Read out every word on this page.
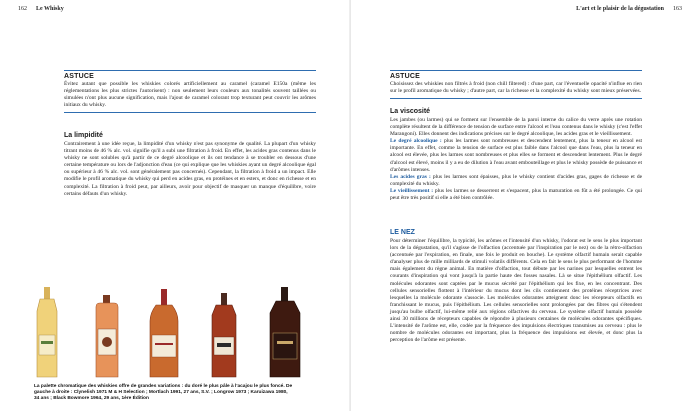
162 Le Whisky
ASTUCE

Évitez autant que possible les whiskies colorés artificiellement au caramel (caramel E150a (même les réglementations les plus strictes l'autorisent) : non seulement leurs couleurs aux tonalités souvent taillées ou simulées n'ont plus aucune signification, mais l'ajout de caramel colorant trop texturant peut couvrir les arômes initiaux du whisky.

La limpidité

Contrairement à une idée reçue, la limpidité d'un whisky n'est pas synonyme de qualité. La plupart d'un whisky titrant moins de 46 % alc. vol. signifie qu'il a subi une filtration à froid. En effet, les acides gras contenus dans le whisky ne sont solubles qu'à partir de ce degré alcoolique et ils ont tendance à se troubler en dessous d'une certaine température ou lors de l'adjonction d'eau (ce qui explique que les whiskies ayant un degré alcoolique égal ou supérieur à 46 % alc. vol. sont généralement pas concernés). Cependant, la filtration à froid a un impact. Elle modifie le profil aromatique du whisky qui perd en acides gras, en protéines et en esters, et donc en richesse et en complexité. La filtration à froid peut, par ailleurs, avoir pour objectif de masquer un manque d'équilibre, voire certains défauts d'un whisky.

La palette chromatique des whiskies offre de grandes variations : du doré le plus pâle à l'acajou le plus foncé. De gauche à droite : Clynelish 1971 M & H Selection ; Mortlach 1991, 27 ans, S.V. ; Longrow 1973 ; Karuizawa 1980, 34 ans ; Black Bowmore 1964, 29 ans, 1ère Édition
L'art et le plaisir de la dégustation 163
ASTUCE

Choisissez des whiskies non filtrés à froid (non chill filtered) : d'une part, car l'éventuelle opacité n'influe en rien sur le profil aromatique du whisky ; d'autre part, car la richesse et la complexité du whisky sont mieux préservées.

La viscosité

Les jambes (ou larmes) qui se forment sur l'ensemble de la paroi interne du calice du verre après une rotation complète résultent de la différence de tension de surface entre l'alcool et l'eau contenus dans le whisky (c'est l'effet Marangoni). Elles donnent des indications précises sur le degré alcoolique, les acides gras et le vieillissement.

Le degré alcoolique : plus les larmes sont nombreuses et descendent lentement, plus la teneur en alcool est importante. En effet, comme la tension de surface est plus faible dans l'alcool que dans l'eau, plus la teneur en alcool est élevée, plus les larmes sont nombreuses et plus elles se forment et descendent lentement. Plus le degré d'alcool est élevé, moins il y a eu de dilution à l'eau avant embouteillage et plus le whisky possède de puissance et d'arômes intenses.

Les acides gras : plus les larmes sont épaisses, plus le whisky contient d'acides gras, gages de richesse et de complexité du whisky.

Le vieillissement : plus les larmes se desserrent et s'espacent, plus la maturation en fût a été prolongée. Ce qui peut être très positif si elle a été bien contrôlée.

LE NEZ

Pour déterminer l'équilibre, la typicité, les arômes et l'intensité d'un whisky, l'odorat est le sens le plus important lors de la dégustation, qu'il s'agisse de l'olfaction (accentuée par l'inspiration par le nez) ou de la rétro-olfaction (accentuée par l'expiration, en finale, une fois le produit en bouche). Le système olfactif humain serait capable d'analyser plus de mille milliards de stimuli volatils différents. Cela en fait le sens le plus performant de l'homme mais également du règne animal. En matière d'olfaction, tout débute par les narines par lesquelles entrent les courants d'inspiration qui vont jusqu'à la partie haute des fosses nasales. Là se situe l'épithélium olfactif. Les molécules odorantes sont captées par le mucus sécrété par l'épithélium qui les fixe, en les concentrant. Des cellules sensorielles flottent à l'intérieur du mucus dont les cils contiennent des protéines réceptrices avec lesquelles la molécule odorante s'associe. Les molécules odorantes atteignent donc les récepteurs olfactifs en franchissant le mucus, puis l'épithélium. Les cellules sensorielles sont prolongées par des fibres qui s'étendent jusqu'au bulbe olfactif, lui-même relié aux régions olfactives du cerveau. Le système olfactif humain possède ainsi 30 millions de récepteurs capables de répondre à plusieurs centaines de molécules odorantes spécifiques. L'intensité de l'arôme est, elle, codée par la fréquence des impulsions électriques transmises au cerveau : plus le nombre de molécules odorantes est important, plus la fréquence des impulsions est élevée, et donc plus la perception de l'arôme est présente.
